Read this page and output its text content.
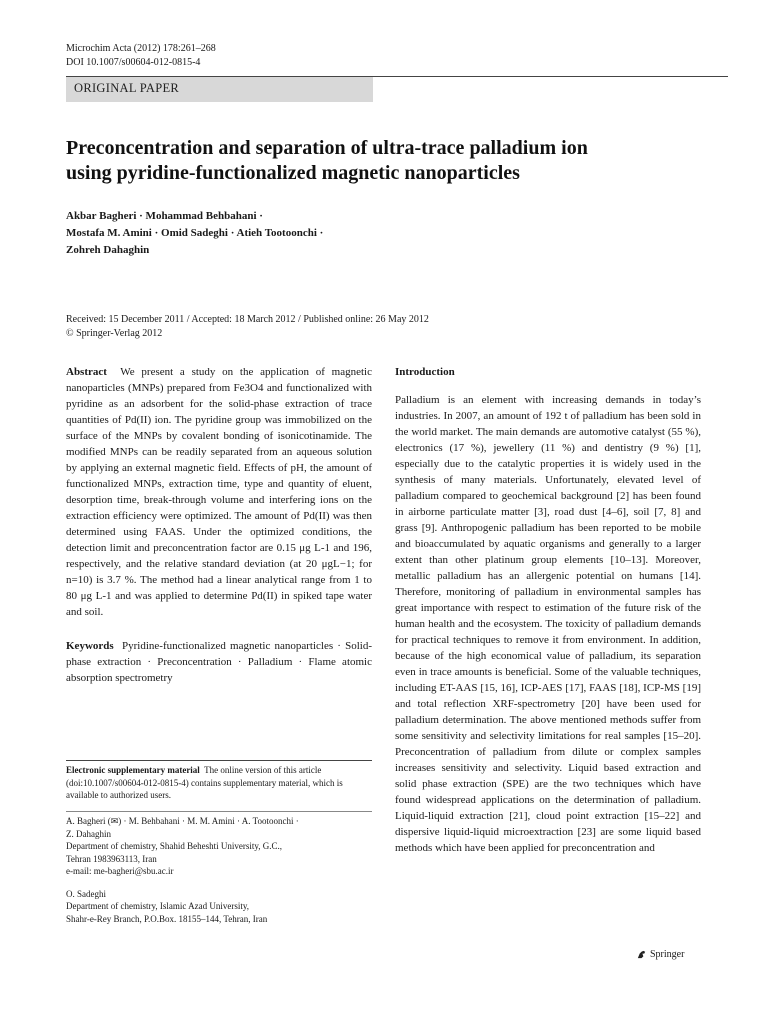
Microchim Acta (2012) 178:261–268
DOI 10.1007/s00604-012-0815-4
ORIGINAL PAPER
Preconcentration and separation of ultra-trace palladium ion
using pyridine-functionalized magnetic nanoparticles
Akbar Bagheri · Mohammad Behbahani ·
Mostafa M. Amini · Omid Sadeghi · Atieh Tootoonchi ·
Zohreh Dahaghin
Received: 15 December 2011 / Accepted: 18 March 2012 / Published online: 26 May 2012
© Springer-Verlag 2012

Abstract We present a study on the application of magnetic nanoparticles (MNPs) prepared from Fe3O4 and functionalized with pyridine as an adsorbent for the solid-phase extraction of trace quantities of Pd(II) ion. The pyridine group was immobilized on the surface of the MNPs by covalent bonding of isonicotinamide. The modified MNPs can be readily separated from an aqueous solution by applying an external magnetic field. Effects of pH, the amount of functionalized MNPs, extraction time, type and quantity of eluent, desorption time, break-through volume and interfering ions on the extraction efficiency were optimized. The amount of Pd(II) was then determined using FAAS. Under the optimized conditions, the detection limit and preconcentration factor are 0.15 μg L-1 and 196, respectively, and the relative standard deviation (at 20 μgL−1; for n=10) is 3.7 %. The method had a linear analytical range from 1 to 80 μg L-1 and was applied to determine Pd(II) in spiked tape water and soil.

Keywords Pyridine-functionalized magnetic nanoparticles · Solid-phase extraction · Preconcentration · Palladium · Flame atomic absorption spectrometry

Electronic supplementary material The online version of this article (doi:10.1007/s00604-012-0815-4) contains supplementary material, which is available to authorized users.

A. Bagheri (✉) · M. Behbahani · M. M. Amini · A. Tootoonchi ·

Z. Dahaghin

Department of chemistry, Shahid Beheshti University, G.C.,

Tehran 1983963113, Iran

e-mail: me-bagheri@sbu.ac.ir

O. Sadeghi

Department of chemistry, Islamic Azad University,

Shahr-e-Rey Branch, P.O.Box. 18155–144, Tehran, Iran

Introduction

Palladium is an element with increasing demands in today’s industries. In 2007, an amount of 192 t of palladium has been sold in the world market. The main demands are automotive catalyst (55 %), electronics (17 %), jewellery (11 %) and dentistry (9 %) [1], especially due to the catalytic properties it is widely used in the synthesis of many materials. Unfortunately, elevated level of palladium compared to geochemical background [2] has been found in airborne particulate matter [3], road dust [4–6], soil [7, 8] and grass [9]. Anthropogenic palladium has been reported to be mobile and bioaccumulated by aquatic organisms and generally to a larger extent than other platinum group elements [10–13]. Moreover, metallic palladium has an allergenic potential on humans [14]. Therefore, monitoring of palladium in environmental samples has great importance with respect to estimation of the future risk of the human health and the ecosystem. The toxicity of palladium demands for practical techniques to remove it from environment. In addition, because of the high economical value of palladium, its separation even in trace amounts is beneficial. Some of the valuable techniques, including ET-AAS [15, 16], ICP-AES [17], FAAS [18], ICP-MS [19] and total reflection XRF-spectrometry [20] have been used for palladium determination. The above mentioned methods suffer from some sensitivity and selectivity limitations for real samples [15–20]. Preconcentration of palladium from dilute or complex samples increases sensitivity and selectivity. Liquid based extraction and solid phase extraction (SPE) are the two techniques which have found widespread applications on the determination of palladium. Liquid-liquid extraction [21], cloud point extraction [15–22] and dispersive liquid-liquid microextraction [23] are some liquid based methods which have been applied for preconcentration and

Springer
